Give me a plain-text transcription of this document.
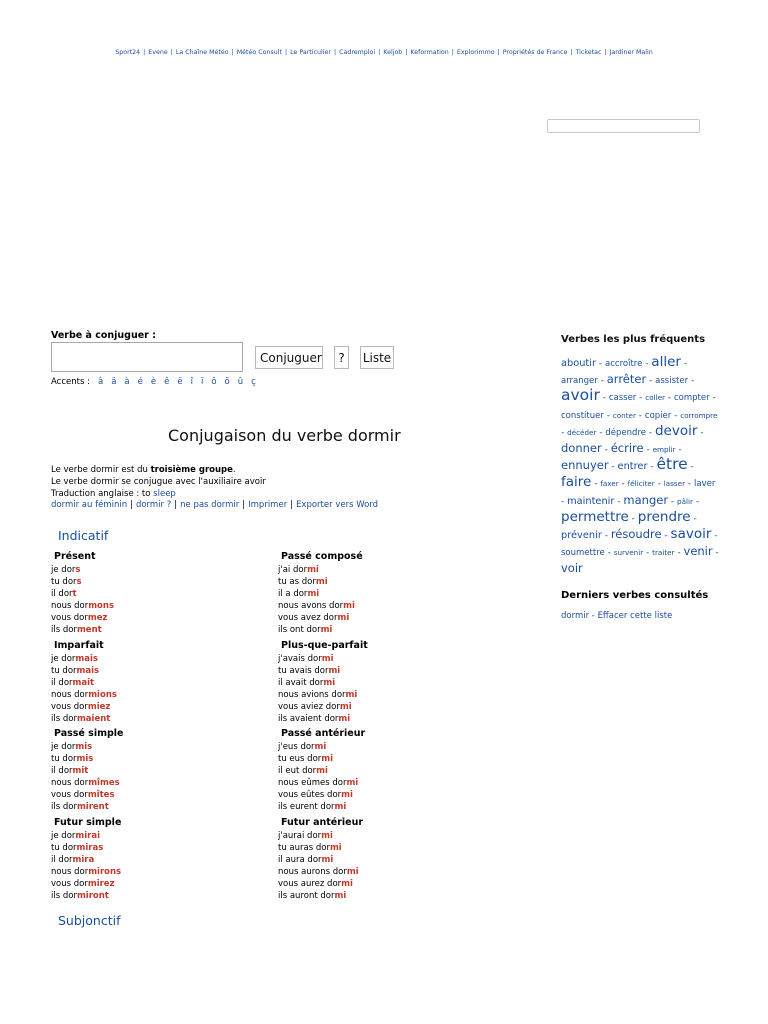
Sport24 | Evene | La Chaîne Météo | Météo Consult | Le Particulier | Cadremploi | Keljob | Keformation | Explorimmo | Propriétés de France | Ticketac | Jardiner Malin
Verbe à conjuguer :
Conjuguer	?	Liste
Accents : â ä à é è ê ë î ï ô ö û ç
Conjugaison du verbe dormir
Le verbe dormir est du troisième groupe.
Le verbe dormir se conjugue avec l'auxiliaire avoir
Traduction anglaise : to sleep
dormir au féminin | dormir ? | ne pas dormir | Imprimer | Exporter vers Word
Indicatif
Présent
je dors
tu dors
il dort
nous dormons
vous dormez
ils dorment
Passé composé
j'ai dormi
tu as dormi
il a dormi
nous avons dormi
vous avez dormi
ils ont dormi
Imparfait
je dormais
tu dormais
il dormait
nous dormions
vous dormiez
ils dormaient
Plus-que-parfait
j'avais dormi
tu avais dormi
il avait dormi
nous avions dormi
vous aviez dormi
ils avaient dormi
Passé simple
je dormis
tu dormis
il dormit
nous dormîmes
vous dormîtes
ils dormirent
Passé antérieur
j'eus dormi
tu eus dormi
il eut dormi
nous eûmes dormi
vous eûtes dormi
ils eurent dormi
Futur simple
je dormirai
tu dormiras
il dormira
nous dormirons
vous dormirez
ils dormiront
Futur antérieur
j'aurai dormi
tu auras dormi
il aura dormi
nous aurons dormi
vous aurez dormi
ils auront dormi
Subjonctif
Verbes les plus fréquents
aboutir - accroître - aller - arranger - arrêter - assister - avoir - casser - coller - compter - constituer - conter - copier - corrompre - décéder - dépendre - devoir - donner - écrire - emplir - ennuyer - entrer - être - faire - faxer - féliciter - lasser - laver - maintenir - manger - pâlir - permettre - prendre - prévenir - résoudre - savoir - soumettre - survenir - traiter - venir - voir
Derniers verbes consultés
dormir - Effacer cette liste
